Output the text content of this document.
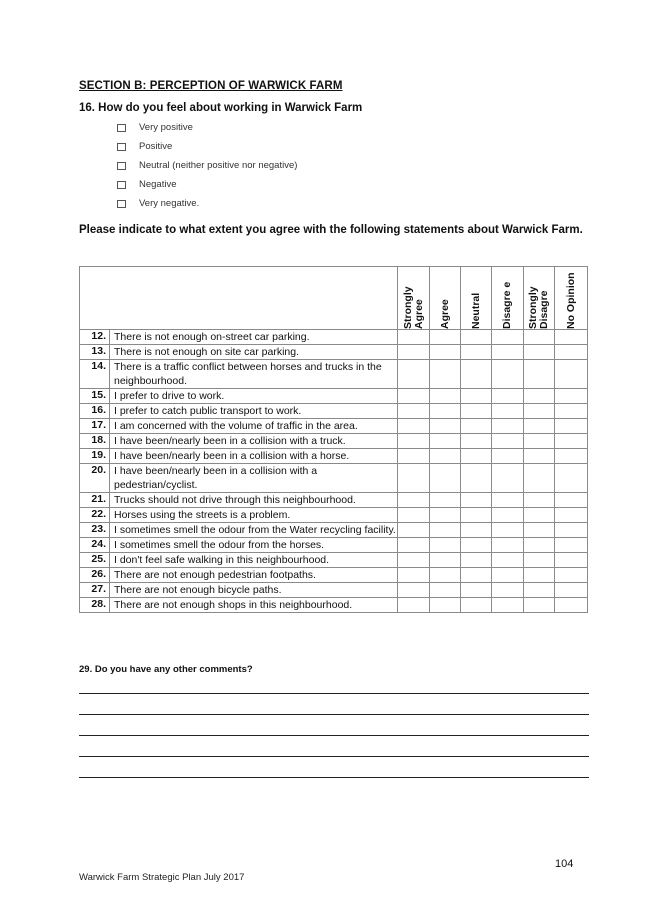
SECTION B: PERCEPTION OF WARWICK FARM
16. How do you feel about working in Warwick Farm
Very positive
Positive
Neutral (neither positive nor negative)
Negative
Very negative.
Please indicate to what extent you agree with the following statements about Warwick Farm.

		Strongly Agree	Agree	Neutral	Disagre e	Strongly Disagre	No Opinion

12.	There is not enough on-street car parking.						
13.	There is not enough on site car parking.						
14.	There is a traffic conflict between horses and trucks in the neighbourhood.						
15.	I prefer to drive to work.						
16.	I prefer to catch public transport to work.						
17.	I am concerned with the volume of traffic in the area.						
18.	I have been/nearly been in a collision with a truck.						
19.	I have been/nearly been in a collision with a horse.						
20.	I have been/nearly been in a collision with a pedestrian/cyclist.						
21.	Trucks should not drive through this neighbourhood.						
22.	Horses using the streets is a problem.						
23.	I sometimes smell the odour from the Water recycling facility.						
24.	I sometimes smell the odour from the horses.						
25.	I don't feel safe walking in this neighbourhood.						
26.	There are not enough pedestrian footpaths.						
27.	There are not enough bicycle paths.						
28.	There are not enough shops in this neighbourhood.						
29. Do you have any other comments?
104
Warwick Farm Strategic Plan July 2017
